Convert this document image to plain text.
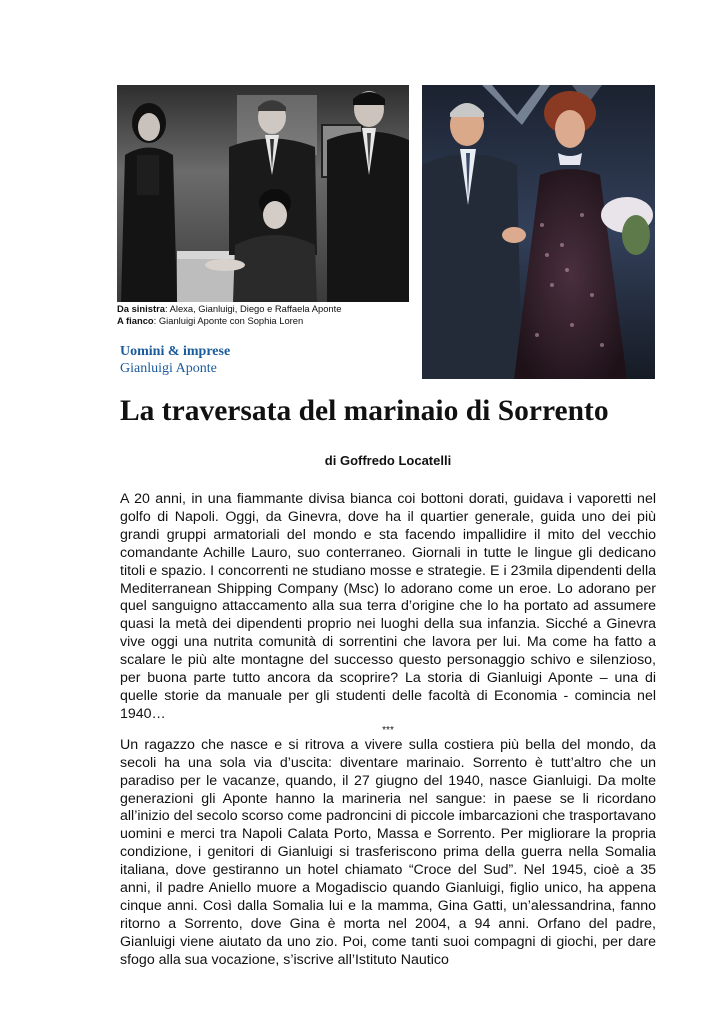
Da sinistra: Alexa, Gianluigi, Diego e Raffaela Aponte
A fianco: Gianluigi Aponte con Sophia Loren
Uomini & imprese
Gianluigi Aponte
La traversata del marinaio di Sorrento
di Goffredo Locatelli

A 20 anni, in una fiammante divisa bianca coi bottoni dorati, guidava i vaporetti nel golfo di Napoli. Oggi, da Ginevra, dove ha il quartier generale, guida uno dei più grandi gruppi armatoriali del mondo e sta facendo impallidire il mito del vecchio comandante Achille Lauro, suo conterraneo. Giornali in tutte le lingue gli dedicano titoli e spazio. I concorrenti ne studiano mosse e strategie. E i 23mila dipendenti della Mediterranean Shipping Company (Msc) lo adorano come un eroe. Lo adorano per quel sanguigno attaccamento alla sua terra d’origine che lo ha portato ad assumere quasi la metà dei dipendenti proprio nei luoghi della sua infanzia. Sicché a Ginevra vive oggi una nutrita comunità di sorrentini che lavora per lui. Ma come ha fatto a scalare le più alte montagne del successo questo personaggio schivo e silenzioso, per buona parte tutto ancora da scoprire? La storia di Gianluigi Aponte – una di quelle storie da manuale per gli studenti delle facoltà di Economia - comincia nel 1940…

***

Un ragazzo che nasce e si ritrova a vivere sulla costiera più bella del mondo, da secoli ha una sola via d’uscita: diventare marinaio. Sorrento è tutt’altro che un paradiso per le vacanze, quando, il 27 giugno del 1940, nasce Gianluigi. Da molte generazioni gli Aponte hanno la marineria nel sangue: in paese se li ricordano all’inizio del secolo scorso come padroncini di piccole imbarcazioni che trasportavano uomini e merci tra Napoli Calata Porto, Massa e Sorrento. Per migliorare la propria condizione, i genitori di Gianluigi si trasferiscono prima della guerra nella Somalia italiana, dove gestiranno un hotel chiamato “Croce del Sud”. Nel 1945, cioè a 35 anni, il padre Aniello muore a Mogadiscio quando Gianluigi, figlio unico, ha appena cinque anni. Così dalla Somalia lui e la mamma, Gina Gatti, un’alessandrina, fanno ritorno a Sorrento, dove Gina è morta nel 2004, a 94 anni. Orfano del padre, Gianluigi viene aiutato da uno zio. Poi, come tanti suoi compagni di giochi, per dare sfogo alla sua vocazione, s’iscrive all’Istituto Nautico
